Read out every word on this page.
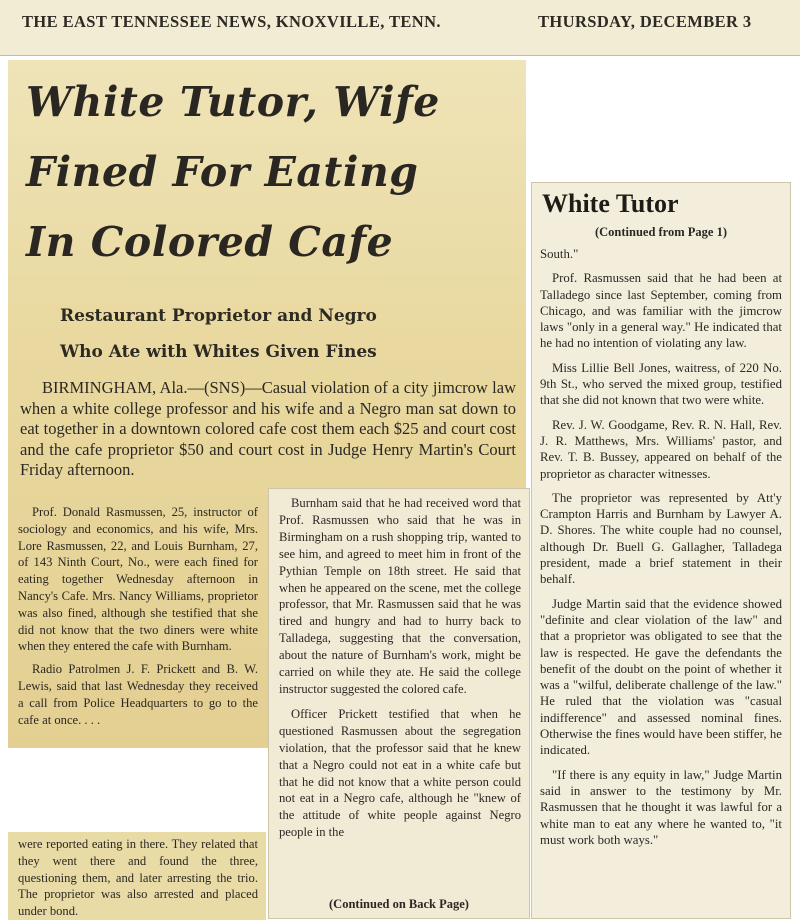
THE EAST TENNESSEE NEWS, KNOXVILLE, TENN.	THURSDAY, DECEMBER 3
White Tutor, Wife
Fined For Eating
In Colored Cafe
Restaurant Proprietor and Negro
Who Ate with Whites Given Fines

BIRMINGHAM, Ala.—(SNS)—Casual violation of a city jimcrow law when a white college professor and his wife and a Negro man sat down to eat together in a downtown colored cafe cost them each $25 and court cost and the cafe proprietor $50 and court cost in Judge Henry Martin's Court Friday afternoon.

Prof. Donald Rasmussen, 25, instructor of sociology and economics, and his wife, Mrs. Lore Rasmussen, 22, and Louis Burnham, 27, of 143 Ninth Court, No., were each fined for eating together Wednesday afternoon in Nancy's Cafe. Mrs. Nancy Williams, proprietor was also fined, although she testified that she did not know that the two diners were white when they entered the cafe with Burnham.

Radio Patrolmen J. F. Prickett and B. W. Lewis, said that last Wednesday they received a call from Police Headquarters to go to the cafe at once. . . .

were reported eating in there. They related that they went there and found the three, questioning them, and later arresting the trio. The proprietor was also arrested and placed under bond.

Burnham said that he had received word that Prof. Rasmussen who said that he was in Birmingham on a rush shopping trip, wanted to see him, and agreed to meet him in front of the Pythian Temple on 18th street. He said that when he appeared on the scene, met the college professor, that Mr. Rasmussen said that he was tired and hungry and had to hurry back to Talladega, suggesting that the conversation, about the nature of Burnham's work, might be carried on while they ate. He said the college instructor suggested the colored cafe.

Officer Prickett testified that when he questioned Rasmussen about the segregation violation, that the professor said that he knew that a Negro could not eat in a white cafe but that he did not know that a white person could not eat in a Negro cafe, although he "knew of the attitude of white people against Negro people in the

(Continued on Back Page)
White Tutor
(Continued from Page 1)

South."

Prof. Rasmussen said that he had been at Talladego since last September, coming from Chicago, and was familiar with the jimcrow laws "only in a general way." He indicated that he had no intention of violating any law.

Miss Lillie Bell Jones, waitress, of 220 No. 9th St., who served the mixed group, testified that she did not known that two were white.

Rev. J. W. Goodgame, Rev. R. N. Hall, Rev. J. R. Matthews, Mrs. Williams' pastor, and Rev. T. B. Bussey, appeared on behalf of the proprietor as character witnesses.

The proprietor was represented by Att'y Crampton Harris and Burnham by Lawyer A. D. Shores. The white couple had no counsel, although Dr. Buell G. Gallagher, Talladega president, made a brief statement in their behalf.

Judge Martin said that the evidence showed "definite and clear violation of the law" and that a proprietor was obligated to see that the law is respected. He gave the defendants the benefit of the doubt on the point of whether it was a "wilful, deliberate challenge of the law." He ruled that the violation was "casual indifference" and assessed nominal fines. Otherwise the fines would have been stiffer, he indicated.

"If there is any equity in law," Judge Martin said in answer to the testimony by Mr. Rasmussen that he thought it was lawful for a white man to eat any where he wanted to, "it must work both ways."
